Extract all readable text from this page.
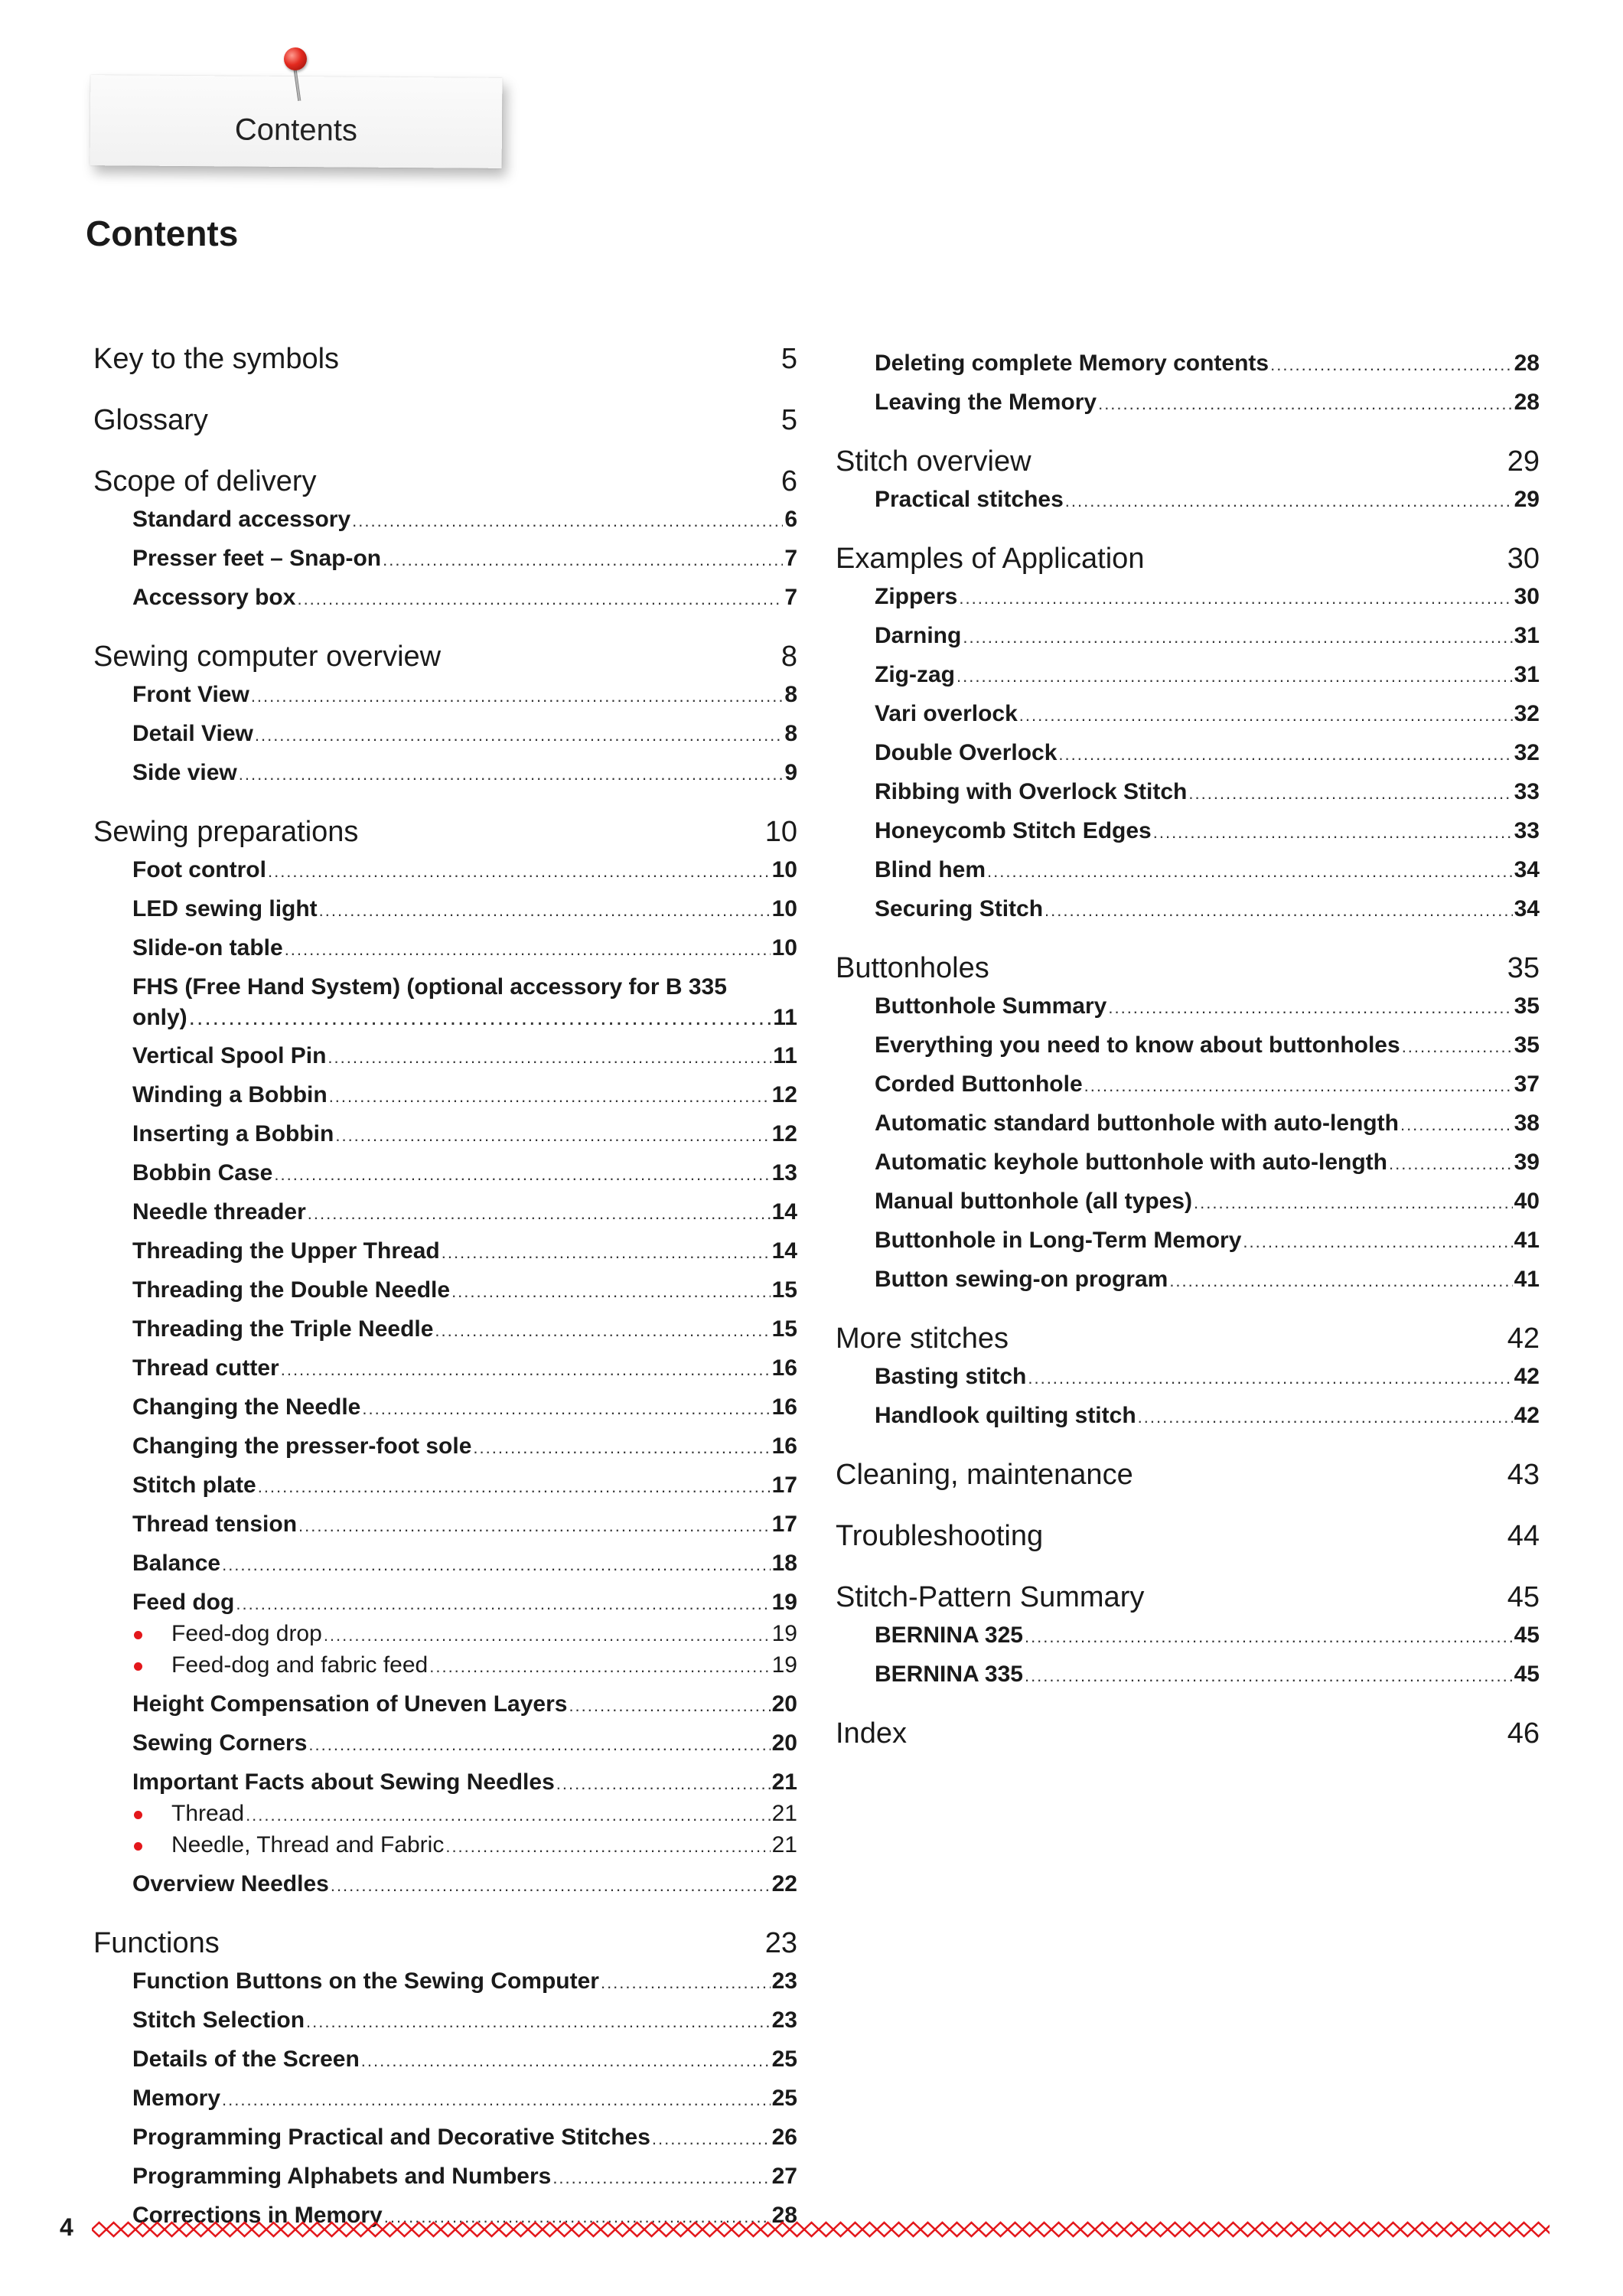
Contents
Contents
Key to the symbols	5
Glossary	5
Scope of delivery	6
Standard accessory .....	6
Presser feet – Snap-on .....	7
Accessory box .....	7
Sewing computer overview	8
Front View .....	8
Detail View .....	8
Side view .....	9
Sewing preparations	10
Foot control .....	10
LED sewing light .....	10
Slide-on table .....	10
FHS (Free Hand System) (optional accessory for B 335
only) .....	11
Vertical Spool Pin .....	11
Winding a Bobbin .....	12
Inserting a Bobbin .....	12
Bobbin Case .....	13
Needle threader .....	14
Threading the Upper Thread .....	14
Threading the Double Needle .....	15
Threading the Triple Needle .....	15
Thread cutter .....	16
Changing the Needle .....	16
Changing the presser-foot sole .....	16
Stitch plate .....	17
Thread tension .....	17
Balance .....	18
Feed dog .....	19
Feed-dog drop .....	19
Feed-dog and fabric feed .....	19
Height Compensation of Uneven Layers .....	20
Sewing Corners .....	20
Important Facts about Sewing Needles .....	21
Thread .....	21
Needle, Thread and Fabric .....	21
Overview Needles .....	22
Functions	23
Function Buttons on the Sewing Computer .....	23
Stitch Selection .....	23
Details of the Screen .....	25
Memory .....	25
Programming Practical and Decorative Stitches .....	26
Programming Alphabets and Numbers .....	27
Corrections in Memory .....	28
Deleting complete Memory contents .....	28
Leaving the Memory .....	28
Stitch overview	29
Practical stitches .....	29
Examples of Application	30
Zippers .....	30
Darning .....	31
Zig-zag .....	31
Vari overlock .....	32
Double Overlock .....	32
Ribbing with Overlock Stitch .....	33
Honeycomb Stitch Edges .....	33
Blind hem .....	34
Securing Stitch .....	34
Buttonholes	35
Buttonhole Summary .....	35
Everything you need to know about buttonholes .....	35
Corded Buttonhole .....	37
Automatic standard buttonhole with auto-length .....	38
Automatic keyhole buttonhole with auto-length .....	39
Manual buttonhole (all types) .....	40
Buttonhole in Long-Term Memory .....	41
Button sewing-on program .....	41
More stitches	42
Basting stitch .....	42
Handlook quilting stitch .....	42
Cleaning, maintenance	43
Troubleshooting	44
Stitch-Pattern Summary	45
BERNINA 325 .....	45
BERNINA 335 .....	45
Index	46
4
